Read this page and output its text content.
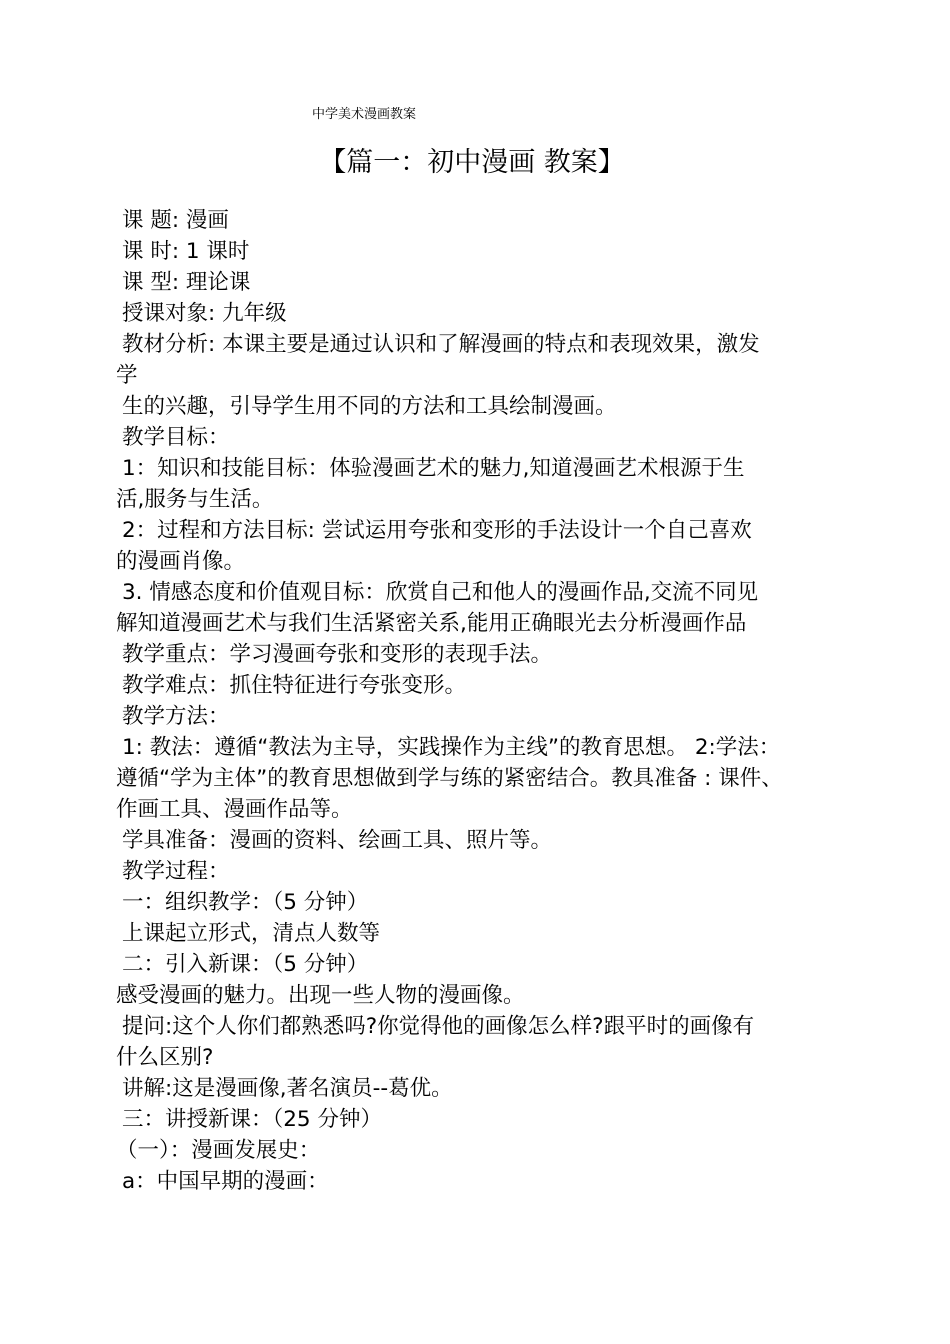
中学美术漫画教案
【篇一：初中漫画 教案】
课 题: 漫画
课 时: 1 课时
课 型: 理论课
授课对象: 九年级
教材分析: 本课主要是通过认识和了解漫画的特点和表现效果，激发
学
生的兴趣，引导学生用不同的方法和工具绘制漫画。
教学目标：
1：知识和技能目标：体验漫画艺术的魅力,知道漫画艺术根源于生
活,服务与生活。
2：过程和方法目标: 尝试运用夸张和变形的手法设计一个自己喜欢
的漫画肖像。
3. 情感态度和价值观目标：欣赏自己和他人的漫画作品,交流不同见
解知道漫画艺术与我们生活紧密关系,能用正确眼光去分析漫画作品
教学重点：学习漫画夸张和变形的表现手法。
教学难点：抓住特征进行夸张变形。
教学方法：
1: 教法：遵循“教法为主导，实践操作为主线”的教育思想。 2:学法：
遵循“学为主体”的教育思想做到学与练的紧密结合。教具准备 : 课件、
作画工具、漫画作品等。
学具准备：漫画的资料、绘画工具、照片等。
教学过程：
一：组织教学：（5 分钟）
上课起立形式，清点人数等
二：引入新课：（5 分钟）
感受漫画的魅力。出现一些人物的漫画像。
提问:这个人你们都熟悉吗?你觉得他的画像怎么样?跟平时的画像有
什么区别?
讲解:这是漫画像,著名演员--葛优。
三：讲授新课：（25 分钟）
（一）：漫画发展史：
a：中国早期的漫画：
